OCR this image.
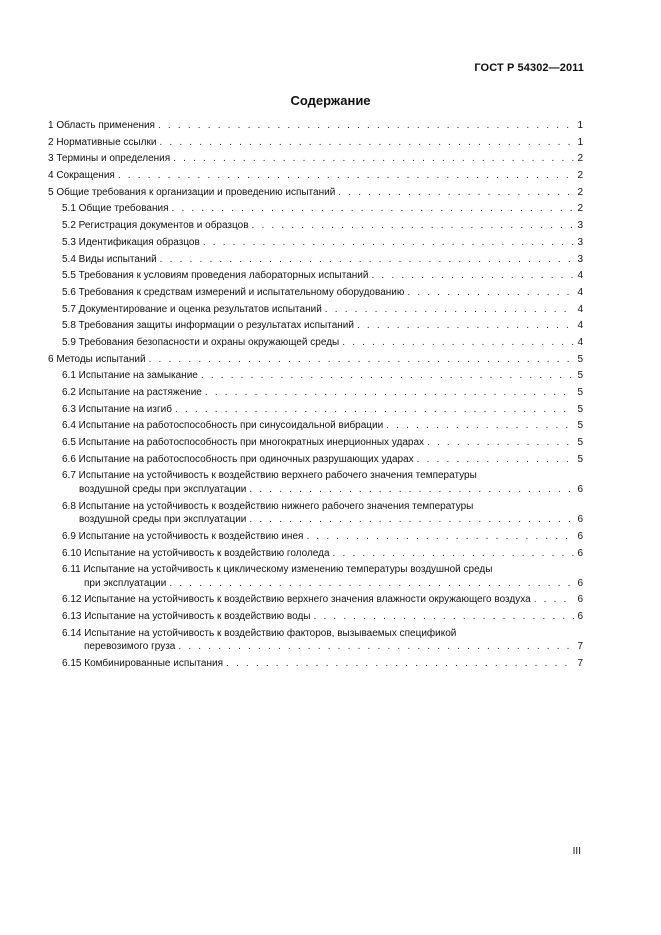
ГОСТ Р 54302—2011
Содержание
1 Область применения . . .	1
2 Нормативные ссылки . . .	1
3 Термины и определения . . .	2
4 Сокращения . . .	2
5 Общие требования к организации и проведению испытаний . . .	2
5.1 Общие требования . . .	2
5.2 Регистрация документов и образцов . . .	3
5.3 Идентификация образцов . . .	3
5.4 Виды испытаний . . .	3
5.5 Требования к условиям проведения лабораторных испытаний . . .	4
5.6 Требования к средствам измерений и испытательному оборудованию . . .	4
5.7 Документирование и оценка результатов испытаний . . .	4
5.8 Требования защиты информации о результатах испытаний . . .	4
5.9 Требования безопасности и охраны окружающей среды . . .	4
6 Методы испытаний . . .	5
6.1 Испытание на замыкание . . .	5
6.2 Испытание на растяжение . . .	5
6.3 Испытание на изгиб . . .	5
6.4 Испытание на работоспособность при синусоидальной вибрации . . .	5
6.5 Испытание на работоспособность при многократных инерционных ударах . . .	5
6.6 Испытание на работоспособность при одиночных разрушающих ударах . . .	5
6.7 Испытание на устойчивость к воздействию верхнего рабочего значения температуры
воздушной среды при эксплуатации . . .	6
6.8 Испытание на устойчивость к воздействию нижнего рабочего значения температуры
воздушной среды при эксплуатации . . .	6
6.9 Испытание на устойчивость к воздействию инея . . .	6
6.10 Испытание на устойчивость к воздействию гололеда . . .	6
6.11 Испытание на устойчивость к циклическому изменению температуры воздушной среды
при эксплуатации . . .	6
6.12 Испытание на устойчивость к воздействию верхнего значения влажности окружающего воздуха . . .	6
6.13 Испытание на устойчивость к воздействию воды . . .	6
6.14 Испытание на устойчивость к воздействию факторов, вызываемых спецификой
перевозимого груза . . .	7
6.15 Комбинированные испытания . . .	7
III
